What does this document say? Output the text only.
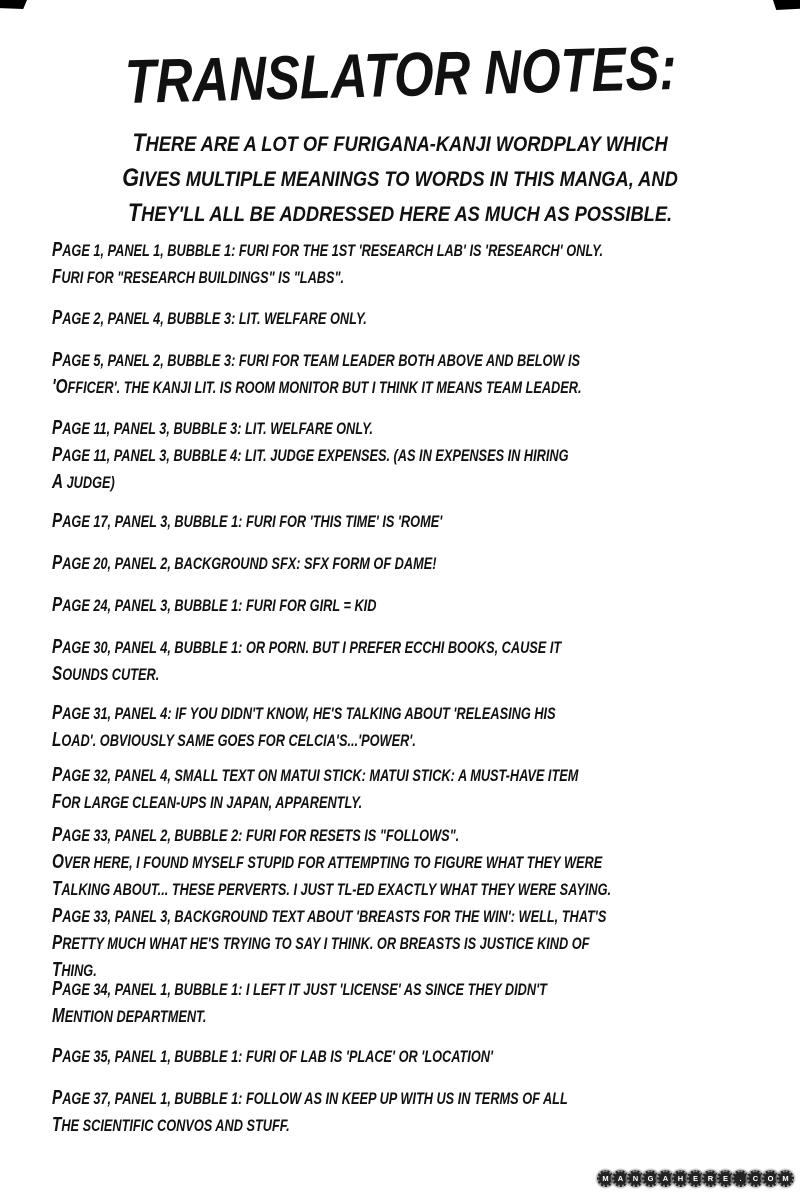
TRANSLATOR NOTES:
THERE ARE A LOT OF FURIGANA-KANJI WORDPLAY WHICH
GIVES MULTIPLE MEANINGS TO WORDS IN THIS MANGA, AND
THEY'LL ALL BE ADDRESSED HERE AS MUCH AS POSSIBLE.
PAGE 1, PANEL 1, BUBBLE 1: FURI FOR THE 1ST 'RESEARCH LAB' IS 'RESEARCH' ONLY.
FURI FOR "RESEARCH BUILDINGS" IS "LABS".
PAGE 2, PANEL 4, BUBBLE 3: LIT. WELFARE ONLY.
PAGE 5, PANEL 2, BUBBLE 3: FURI FOR TEAM LEADER BOTH ABOVE AND BELOW IS
'OFFICER'. THE KANJI LIT. IS ROOM MONITOR BUT I THINK IT MEANS TEAM LEADER.
PAGE 11, PANEL 3, BUBBLE 3: LIT. WELFARE ONLY.
PAGE 11, PANEL 3, BUBBLE 4: LIT. JUDGE EXPENSES. (AS IN EXPENSES IN HIRING
A JUDGE)
PAGE 17, PANEL 3, BUBBLE 1: FURI FOR 'THIS TIME' IS 'ROME'
PAGE 20, PANEL 2, BACKGROUND SFX: SFX FORM OF DAME!
PAGE 24, PANEL 3, BUBBLE 1: FURI FOR GIRL = KID
PAGE 30, PANEL 4, BUBBLE 1: OR PORN. BUT I PREFER ECCHI BOOKS, CAUSE IT
SOUNDS CUTER.
PAGE 31, PANEL 4: IF YOU DIDN'T KNOW, HE'S TALKING ABOUT 'RELEASING HIS
LOAD'. OBVIOUSLY SAME GOES FOR CELCIA'S...'POWER'.
PAGE 32, PANEL 4, SMALL TEXT ON MATUI STICK: MATUI STICK: A MUST-HAVE ITEM
FOR LARGE CLEAN-UPS IN JAPAN, APPARENTLY.
PAGE 33, PANEL 2, BUBBLE 2: FURI FOR RESETS IS "FOLLOWS".
OVER HERE, I FOUND MYSELF STUPID FOR ATTEMPTING TO FIGURE WHAT THEY WERE
TALKING ABOUT... THESE PERVERTS. I JUST TL-ED EXACTLY WHAT THEY WERE SAYING.
PAGE 33, PANEL 3, BACKGROUND TEXT ABOUT 'BREASTS FOR THE WIN': WELL, THAT'S
PRETTY MUCH WHAT HE'S TRYING TO SAY I THINK. OR BREASTS IS JUSTICE KIND OF
THING.
PAGE 34, PANEL 1, BUBBLE 1: I LEFT IT JUST 'LICENSE' AS SINCE THEY DIDN'T
MENTION DEPARTMENT.
PAGE 35, PANEL 1, BUBBLE 1: FURI OF LAB IS 'PLACE' OR 'LOCATION'
PAGE 37, PANEL 1, BUBBLE 1: FOLLOW AS IN KEEP UP WITH US IN TERMS OF ALL
THE SCIENTIFIC CONVOS AND STUFF.
M	A	N	G	A	H	E	R	E	.	C	O	M
